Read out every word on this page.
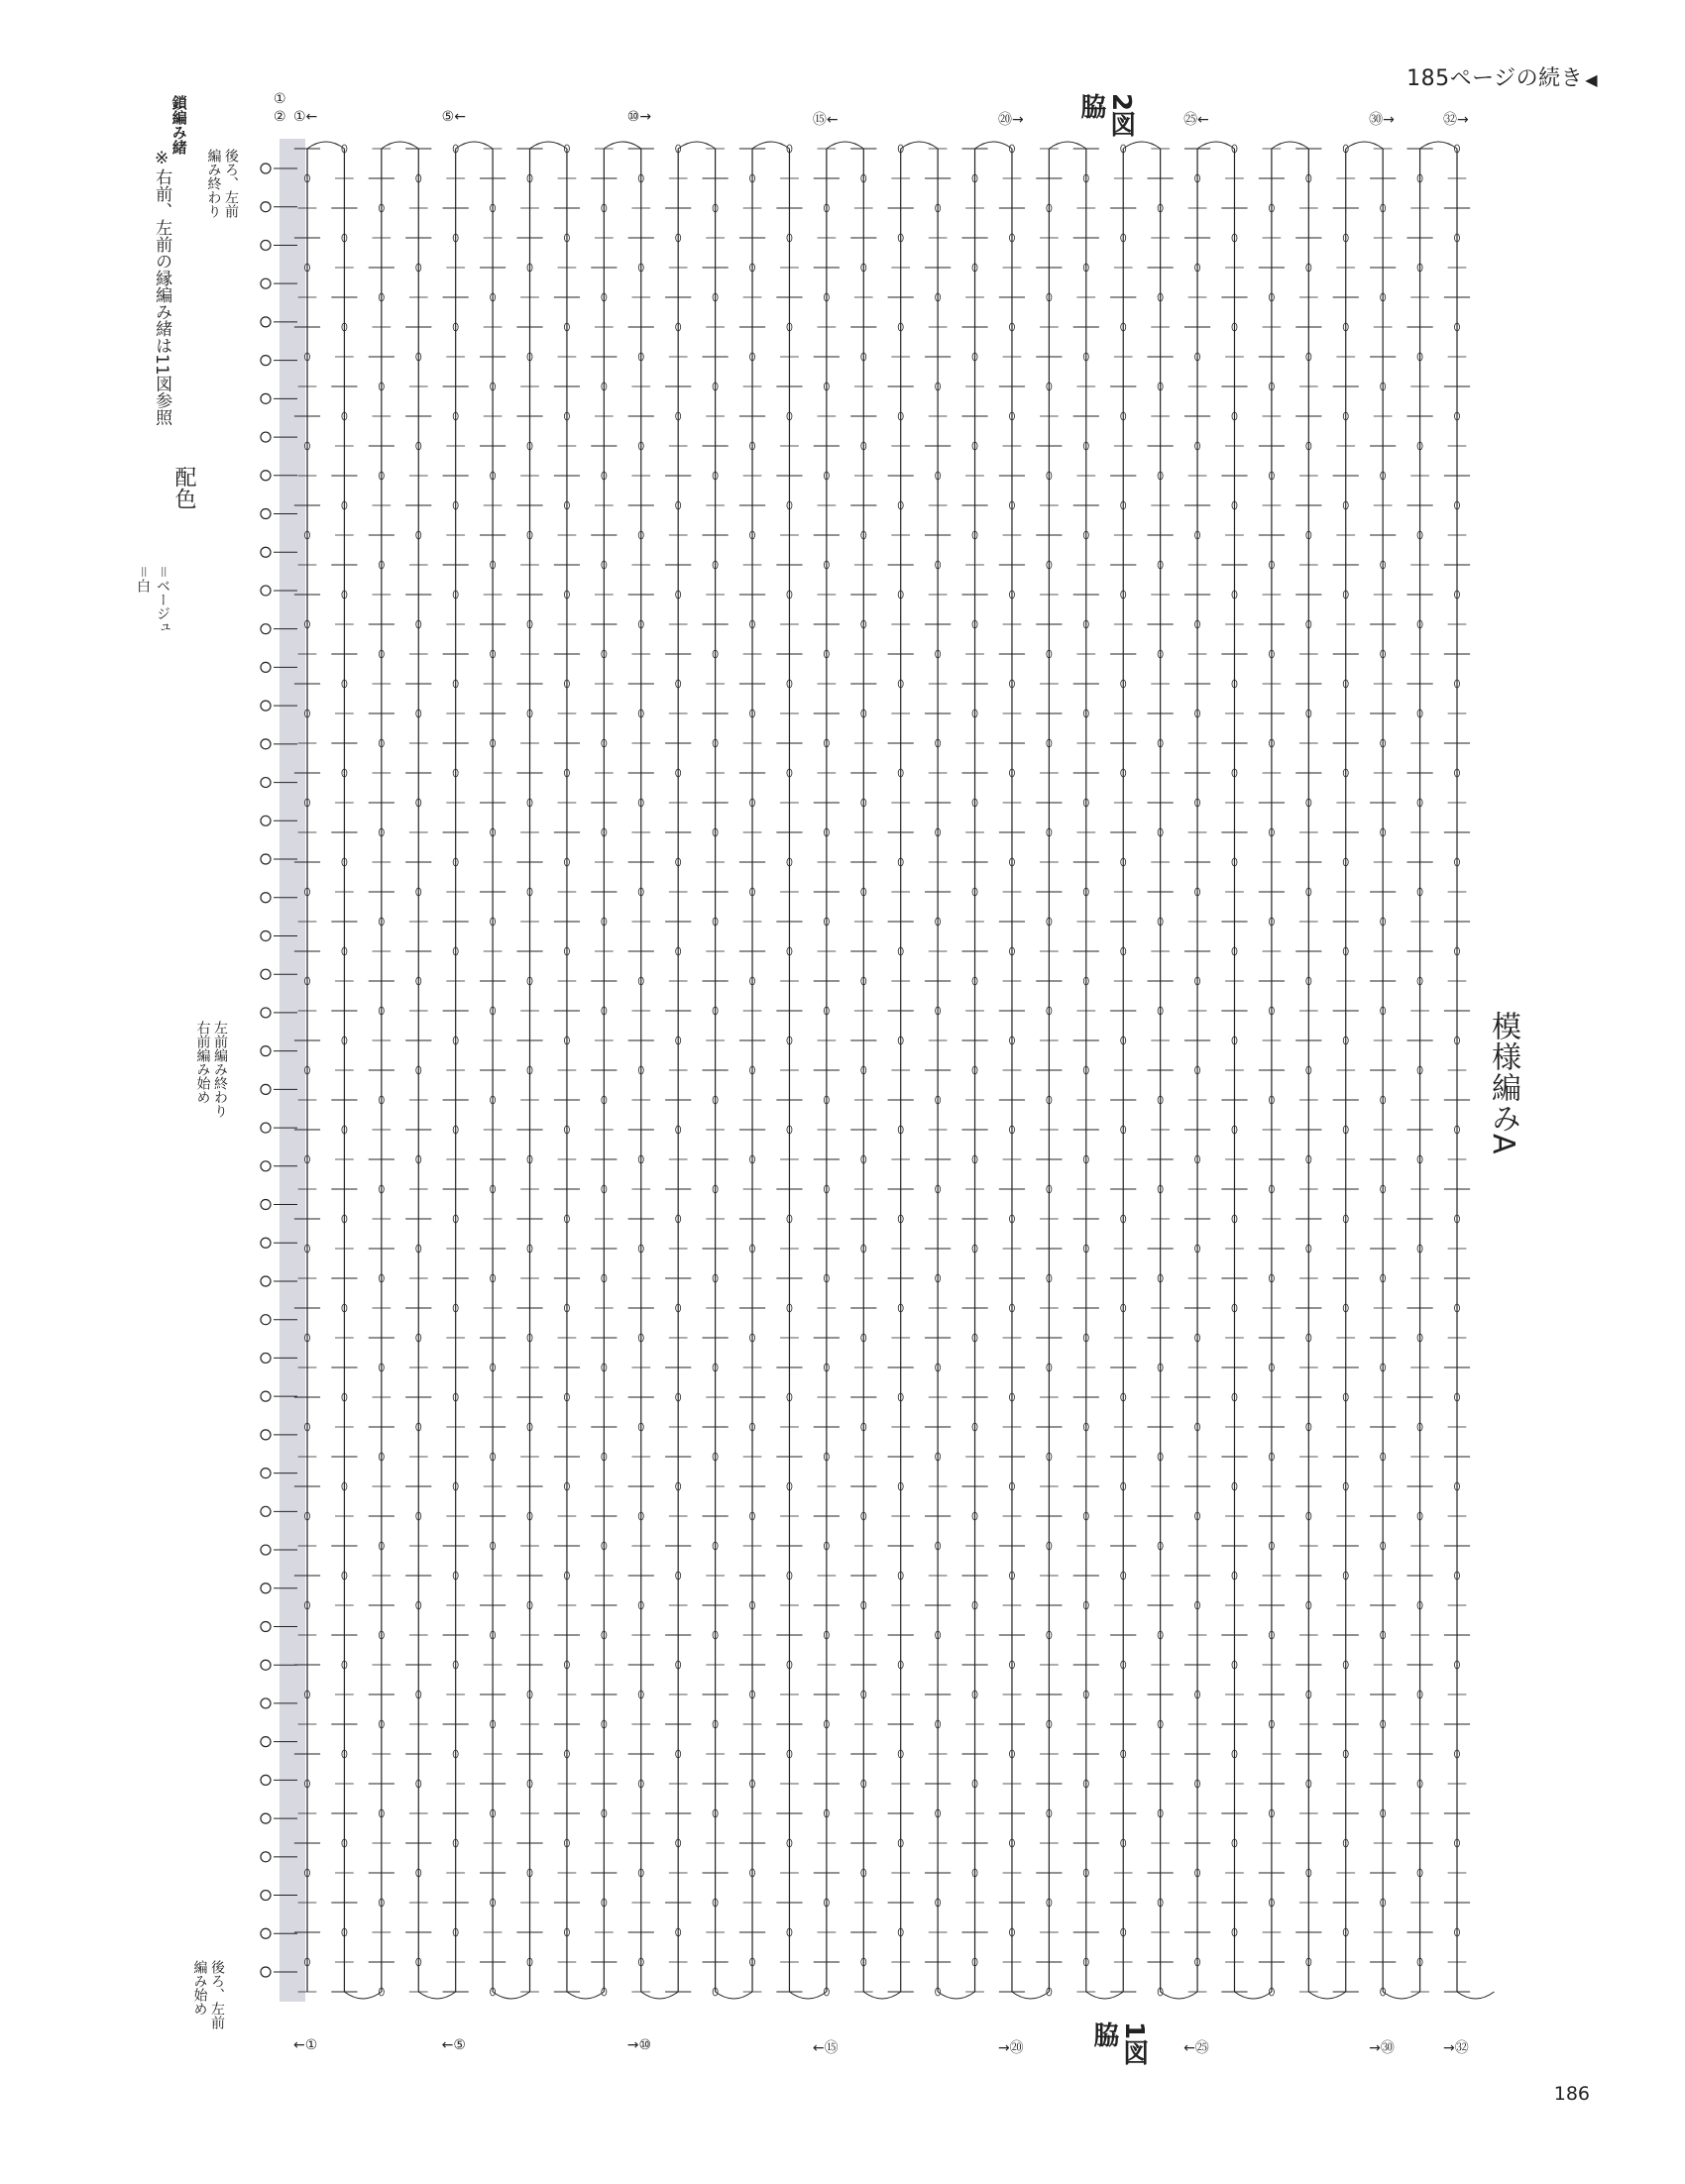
185ページの続き ◀
186
模様編みA
※右前、左前の縁編み緒は11図参照
鎖編み緒
後ろ、左前
編み終わり
後ろ、左前
編み始め
左前編み終わり
右前編み始め
2図
脇
1図
脇
配色
＝ベージュ
＝白
①
② ①←	⑤←	⑩→	⑮←	⑳→	㉕←	㉚→	㉜→
←①	←⑤	→⑩	←⑮	→⑳	←㉕	→㉚	→㉜
